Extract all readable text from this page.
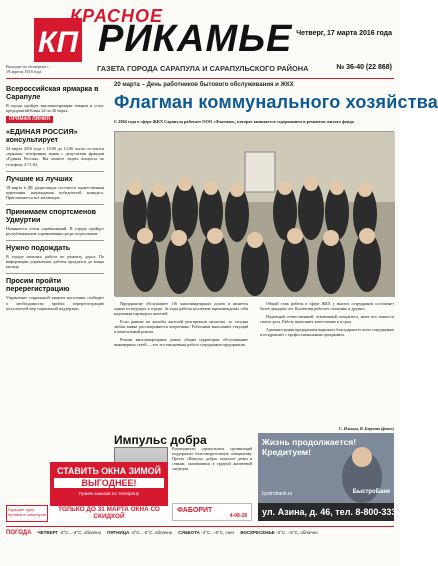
КП
КРАСНОЕ
РИКАМЬЕ Четверг, 17 марта 2016 года
Выходит по четвергам с 19 апреля 1918 года	ГАЗЕТА ГОРОДА САРАПУЛА И САРАПУЛЬСКОГО РАЙОНА	№ 36-40 (22 868)
Всероссийская ярмарка в Сарапуле
В городе пройдет выставка-ярмарка товаров и услуг предприятий Камы 24 по 26 марта.
ПРЯМАЯ ЛИНИЯ
«ЕДИНАЯ РОССИЯ» консультирует
24 марта 2016 года с 10:00 до 13:00 часов состоится «прямая» телефонная линия с депутатами фракции «Единая Россия». Вы можете задать вопросы по телефону 4-71-02.
Лучшие из лучших
18 марта в ДК радиозавода состоится торжественная церемония награждения победителей конкурса. Приглашаются все желающие.
Принимаем спортсменов Удмуртии
Начинается сезон соревнований. В городе пройдут республиканские соревнования среди спортсменов.
Нужно подождать
В городе началась работа по ремонту дорог. По информации управления, работы продлятся до конца месяца.
Просим пройти перерегистрацию
Управление социальной защиты населения сообщает о необходимости пройти перерегистрацию получателей мер социальной поддержки.
20 марта – День работников бытового обслуживания и ЖКХ
Флагман коммунального хозяйства
С 2004 года в сфере ЖКХ Сарапула работает ООО «Флагман», которое занимается содержанием и ремонтом жилого фонда

Предприятие обслуживает 116 многоквартирных домов и является одним из ведущих в городе. За годы работы коллектив зарекомендовал себя надежным партнером жителей.

Если раньше на жалобы жителей реагировали неохотно, то сегодня любая заявка рассматривается оперативно. Работники выполняют текущий и капитальный ремонт.

Ремонт многоквартирных домов, уборка территории, обслуживание инженерных сетей — все это ежедневная работа сотрудников предприятия.

Общий стаж работы в сфере ЖКХ у многих сотрудников составляет более двадцати лет. Коллектив работает слаженно и дружно.

Надежный, ответственный, отзывчивый специалист, знает все тонкости своего дела. Работу выполняет качественно и в срок.

Администрация предприятия выражает благодарность всем сотрудникам и поздравляет с профессиональным праздником.

С. Ильина, В. Бернова (фото)
Импульс добра
Руководители сарапульских организаций поддержали благотворительную инициативу. Проект «Импульс добра» помогает детям и семьям, оказавшимся в трудной жизненной ситуации.
Жизнь продолжается! Кредитуем!
bystrobank.ru	БыстроБанк
ул. Азина, д. 46, тел. 8-800-333-22-65
СТАВИТЬ ОКНА ЗИМОЙ
ВЫГОДНЕЕ!
Прием заказов по телефону
ТОЛЬКО ДО 31 МАРТА ОКНА СО СКИДКОЙ
ФАБОРИТ
4-08-28
Горящие туры, путевки в санатории
ПОГОДА ЧЕТВЕРГ -2°С...-4°С, облачно ПЯТНИЦА -3°С...-5°С, облачно СУББОТА -4°С...-6°С, снег ВОСКРЕСЕНЬЕ -3°С...-5°С, облачно
